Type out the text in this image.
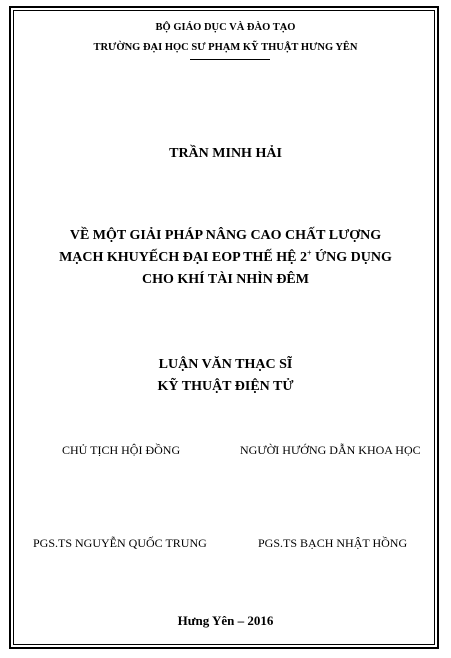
BỘ GIÁO DỤC VÀ ĐÀO TẠO
TRƯỜNG ĐẠI HỌC SƯ PHẠM KỸ THUẬT HƯNG YÊN
TRẦN MINH HẢI
VỀ MỘT GIẢI PHÁP NÂNG CAO CHẤT LƯỢNG
MẠCH KHUYẾCH ĐẠI EOP THẾ HỆ 2+ ỨNG DỤNG
CHO KHÍ TÀI NHÌN ĐÊM
LUẬN VĂN THẠC SĨ
KỸ THUẬT ĐIỆN TỬ
CHỦ TỊCH HỘI ĐỒNG	NGƯỜI HƯỚNG DẪN KHOA HỌC
PGS.TS NGUYỄN QUỐC TRUNG	PGS.TS BẠCH NHẬT HỒNG
Hưng Yên – 2016
